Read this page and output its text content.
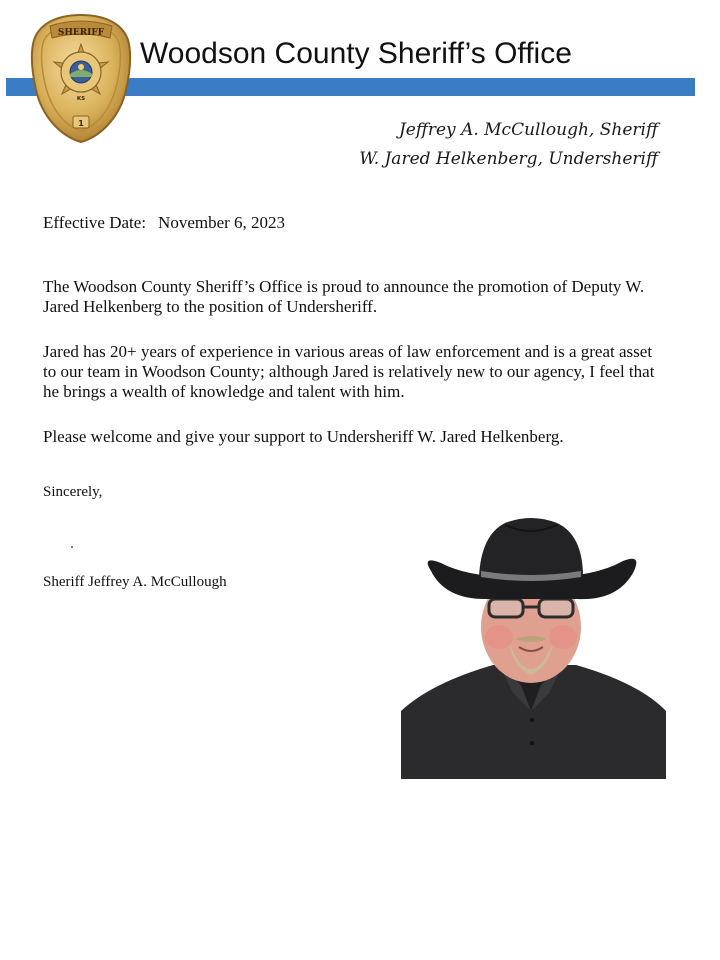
SHERIFF
KS
1
Woodson County Sheriff’s Office
Jeffrey A. McCullough, Sheriff
W. Jared Helkenberg, Undersheriff
Effective Date: November 6, 2023
The Woodson County Sheriff’s Office is proud to announce the promotion of Deputy W. Jared Helkenberg to the position of Undersheriff.
Jared has 20+ years of experience in various areas of law enforcement and is a great asset to our team in Woodson County; although Jared is relatively new to our agency, I feel that he brings a wealth of knowledge and talent with him.
Please welcome and give your support to Undersheriff W. Jared Helkenberg.
Sincerely,
Sheriff Jeffrey A. McCullough
